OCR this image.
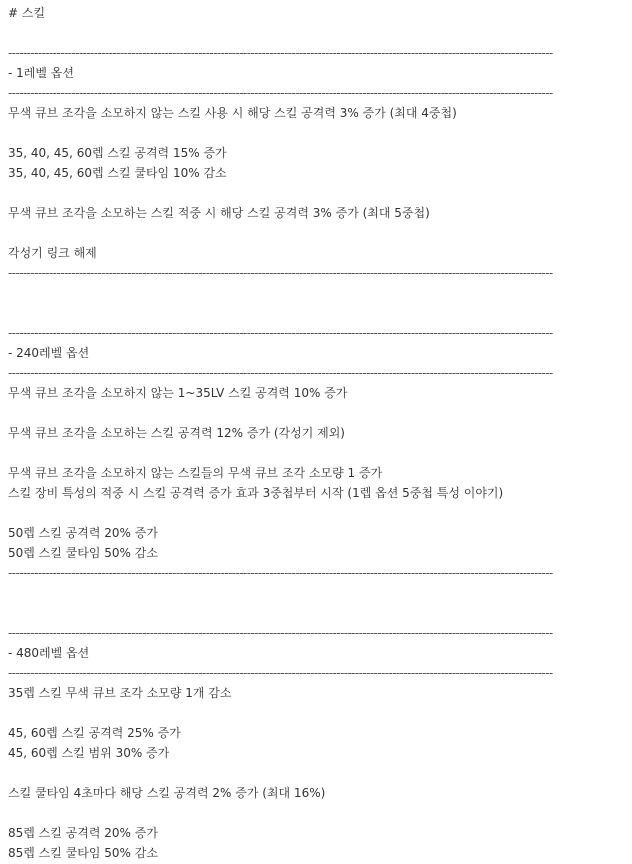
# 스킬
--------------------------------------------------------------------------------------------------------------------------------------------------
- 1레벨 옵션
--------------------------------------------------------------------------------------------------------------------------------------------------
무색 큐브 조각을 소모하지 않는 스킬 사용 시 해당 스킬 공격력 3% 증가 (최대 4중첩)
35, 40, 45, 60렙 스킬 공격력 15% 증가
35, 40, 45, 60렙 스킬 쿨타임 10% 감소
무색 큐브 조각을 소모하는 스킬 적중 시 해당 스킬 공격력 3% 증가 (최대 5중첩)
각성기 링크 해제
--------------------------------------------------------------------------------------------------------------------------------------------------
--------------------------------------------------------------------------------------------------------------------------------------------------
- 240레벨 옵션
--------------------------------------------------------------------------------------------------------------------------------------------------
무색 큐브 조각을 소모하지 않는 1~35LV 스킬 공격력 10% 증가
무색 큐브 조각을 소모하는 스킬 공격력 12% 증가 (각성기 제외)
무색 큐브 조각을 소모하지 않는 스킬들의 무색 큐브 조각 소모량 1 증가
스킬 장비 특성의 적중 시 스킬 공격력 증가 효과 3중첩부터 시작 (1렙 옵션 5중첩 특성 이야기)
50렙 스킬 공격력 20% 증가
50렙 스킬 쿨타임 50% 감소
--------------------------------------------------------------------------------------------------------------------------------------------------
--------------------------------------------------------------------------------------------------------------------------------------------------
- 480레벨 옵션
--------------------------------------------------------------------------------------------------------------------------------------------------
35렙 스킬 무색 큐브 조각 소모량 1개 감소
45, 60렙 스킬 공격력 25% 증가
45, 60렙 스킬 범위 30% 증가
스킬 쿨타임 4초마다 해당 스킬 공격력 2% 증가 (최대 16%)
85렙 스킬 공격력 20% 증가
85렙 스킬 쿨타임 50% 감소
